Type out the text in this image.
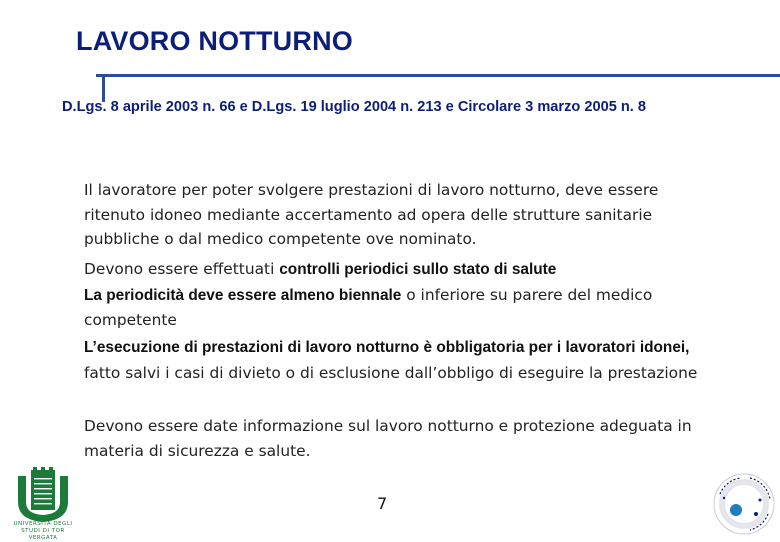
LAVORO NOTTURNO
D.Lgs. 8 aprile 2003 n. 66 e D.Lgs. 19 luglio 2004 n. 213 e Circolare 3 marzo 2005 n. 8
Il lavoratore per poter svolgere prestazioni di lavoro notturno, deve essere ritenuto idoneo mediante accertamento ad opera delle strutture sanitarie pubbliche o dal medico competente ove nominato.
Devono essere effettuati controlli periodici sullo stato di salute
La periodicità deve essere almeno biennale o inferiore su parere del medico competente
L’esecuzione di prestazioni di lavoro notturno è obbligatoria per i lavoratori idonei, fatto salvi i casi di divieto o di esclusione dall’obbligo di eseguire la prestazione
Devono essere date informazione sul lavoro notturno e protezione adeguata in materia di sicurezza e salute.
7
UNIVERSITÀ DEGLI STUDI DI TOR VERGATA
